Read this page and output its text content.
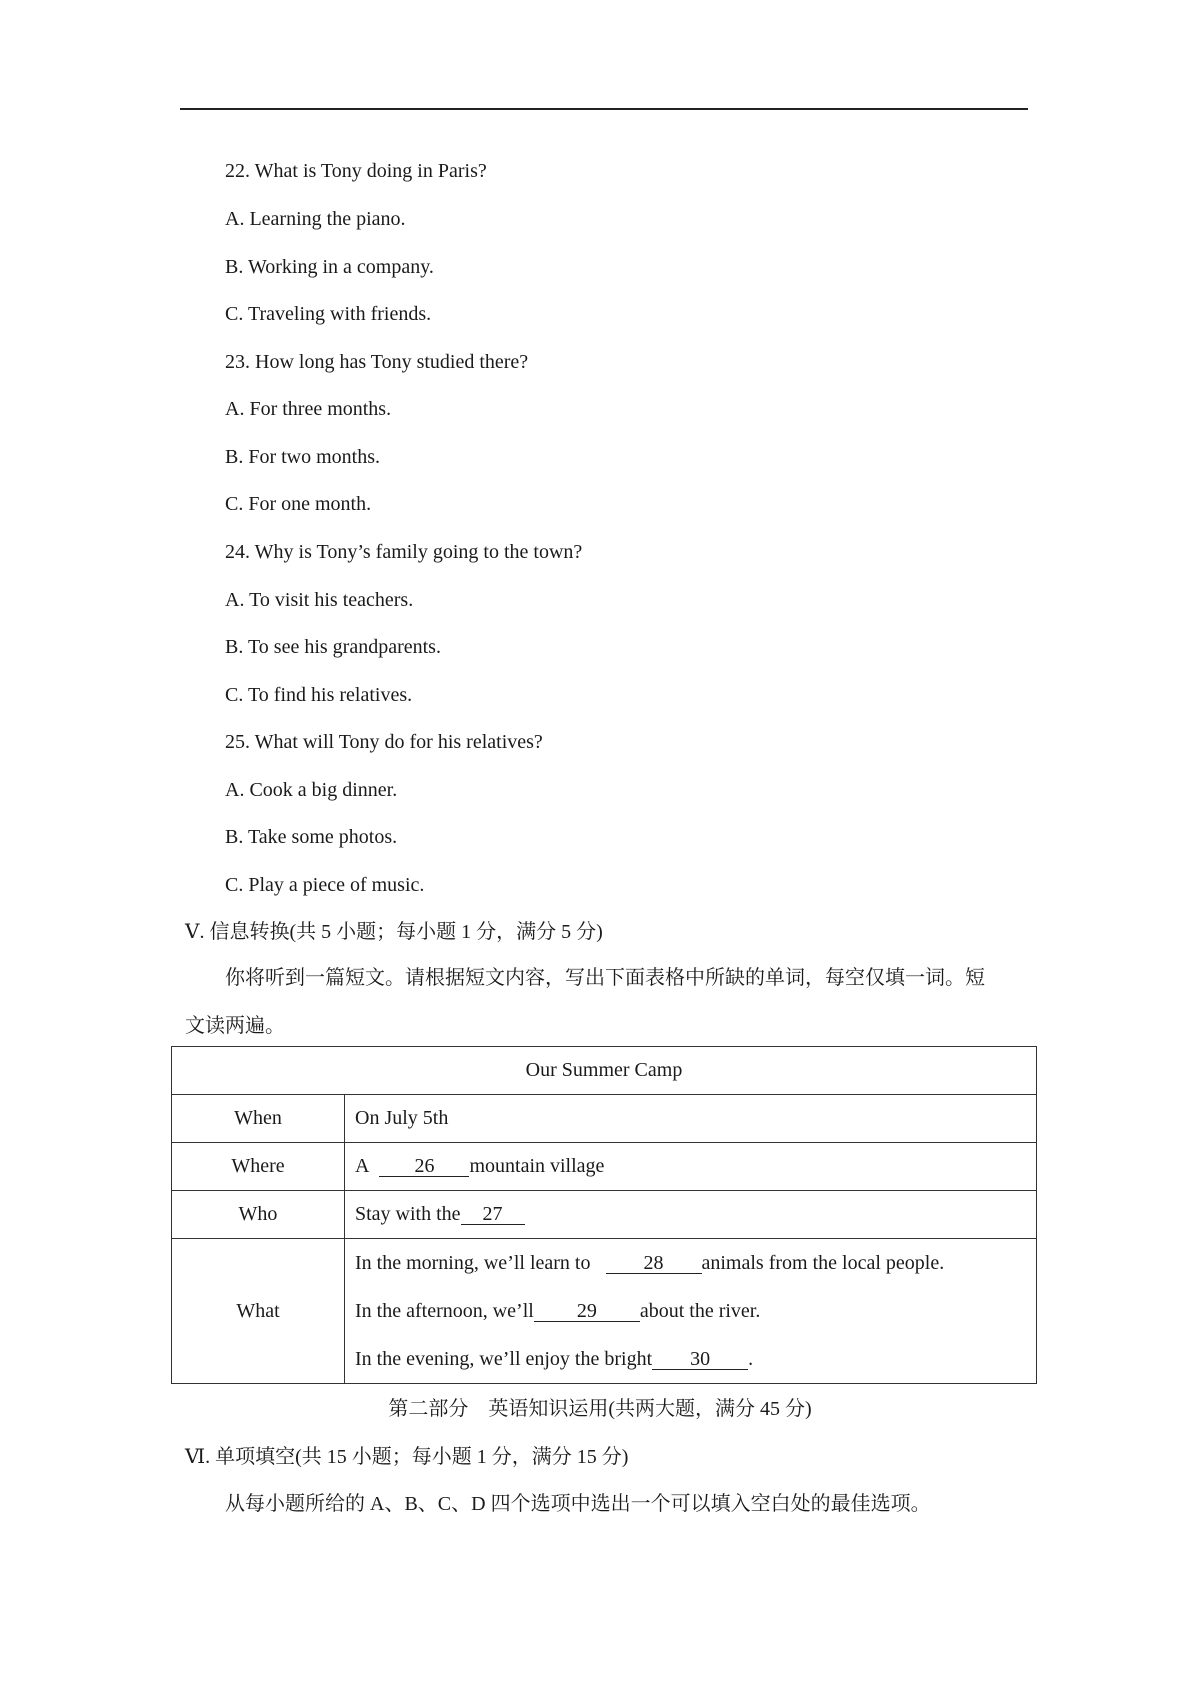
22. What is Tony doing in Paris?
A. Learning the piano.
B. Working in a company.
C. Traveling with friends.
23. How long has Tony studied there?
A. For three months.
B. For two months.
C. For one month.
24. Why is Tony’s family going to the town?
A. To visit his teachers.
B. To see his grandparents.
C. To find his relatives.
25. What will Tony do for his relatives?
A. Cook a big dinner.
B. Take some photos.
C. Play a piece of music.
Ⅴ. 信息转换(共 5 小题；每小题 1 分，满分 5 分)
你将听到一篇短文。请根据短文内容，写出下面表格中所缺的单词，每空仅填一词。短
文读两遍。
Our Summer Camp	
When	On July 5th
Where	A 26 mountain village
Who	Stay with the 27
What	In the morning, we’ll learn to 28 animals from the local people.
In the afternoon, we’ll 29 about the river.
In the evening, we’ll enjoy the bright 30 .
第二部分　英语知识运用(共两大题，满分 45 分)
Ⅵ. 单项填空(共 15 小题；每小题 1 分，满分 15 分)
从每小题所给的 A、B、C、D 四个选项中选出一个可以填入空白处的最佳选项。
